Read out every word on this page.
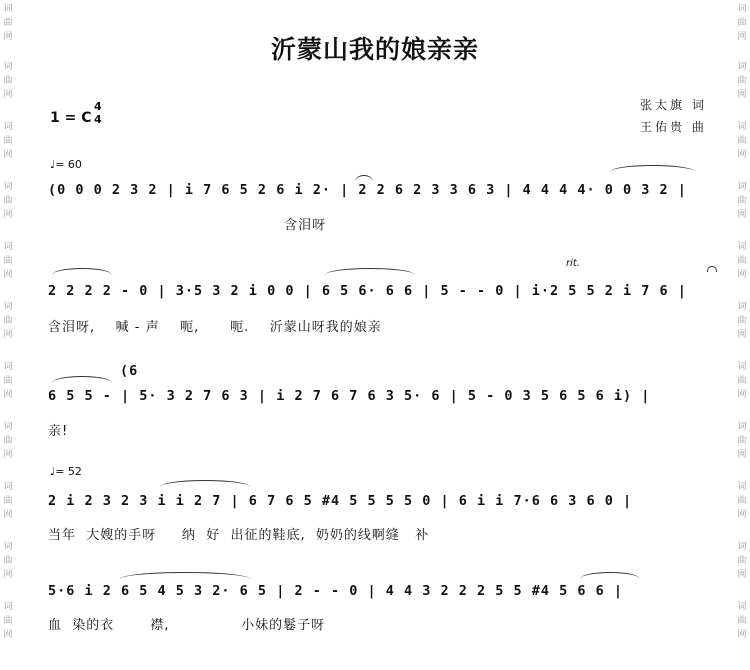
词
曲
网
词
曲
网
词
曲
网
词
曲
网
词
曲
网
词
曲
网
词
曲
网
词
曲
网
词
曲
网
词
曲
网
词
曲
网
词
曲
网
词
曲
网
词
曲
网
词
曲
网
词
曲
网
词
曲
网
词
曲
网
词
曲
网
词
曲
网
词
曲
网
词
曲
网
沂蒙山我的娘亲亲
张太旗 词
王佑贵 曲
1 = C
4
4
♩= 60
(0 0 0 2 3 2 | i 7 6 5 2 6 i 2· | 2 2 6 2 3 3 6 3 | 4 4 4 4· 0 0 3 2 |
含泪呀
rit.
2 2 2 2 - 0 | 3·5 3 2 i 0 0 | 6 5 6· 6 6 | 5 - - 0 | i·2 5 5 2 i 7 6 |
含泪呀,    喊 - 声    呃,      呃.    沂蒙山呀我的娘亲
(6
6 5 5 - | 5· 3 2 7 6 3 | i 2 7 6 7 6 3 5· 6 | 5 - 0 3 5 6 5 6 i) |
亲!
♩= 52
2 i 2 3 2 3 i i 2 7 | 6 7 6 5 #4 5 5 5 5 0 | 6 i i 7·6 6 3 6 0 |
当年  大嫂的手呀     纳  好  出征的鞋底,  奶奶的线啊缝   补
5·6 i 2 6 5 4 5 3 2· 6 5 | 2 - - 0 | 4 4 3 2 2 2 5 5 #4 5 6 6 |
血  染的衣       襟,              小妹的鬈子呀
